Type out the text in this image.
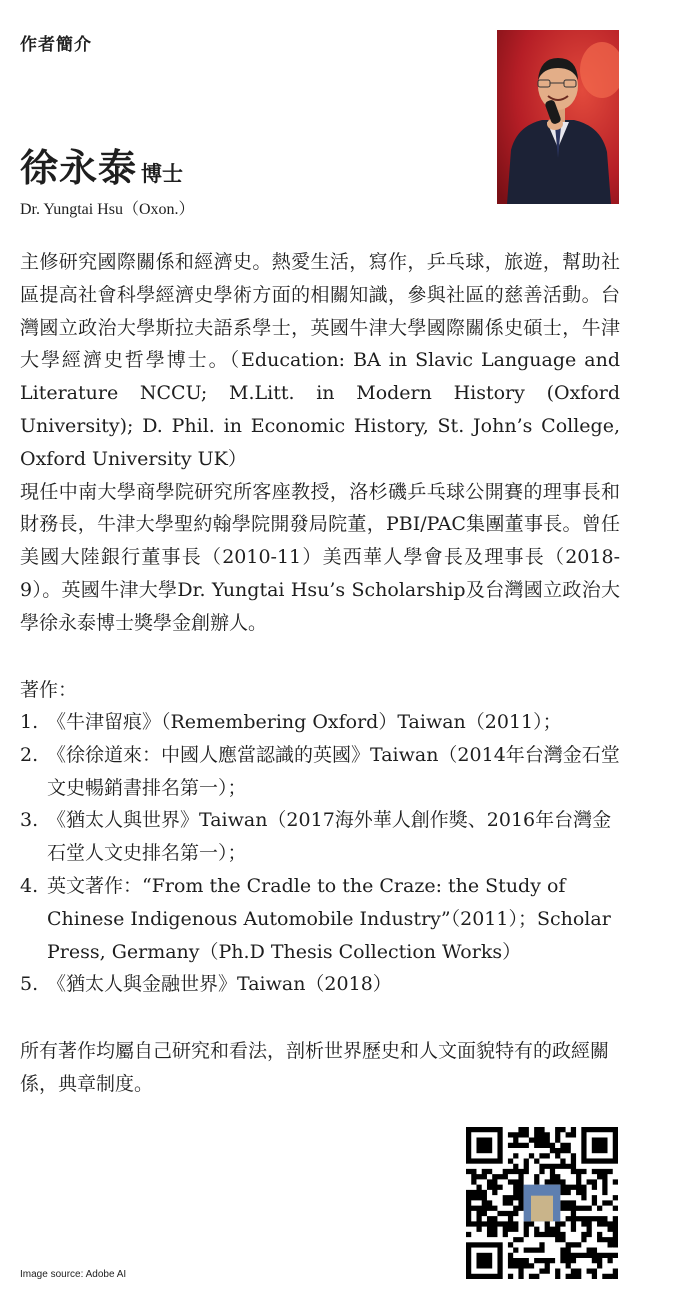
作者簡介
徐永泰 博士
Dr. Yungtai Hsu（Oxon.）

主修研究國際關係和經濟史。熱愛生活，寫作，乒乓球，旅遊，幫助社區提高社會科學經濟史學術方面的相關知識，參與社區的慈善活動。台灣國立政治大學斯拉夫語系學士，英國牛津大學國際關係史碩士，牛津大學經濟史哲學博士。（Education: BA in Slavic Language and Literature NCCU; M.Litt. in Modern History (Oxford University); D. Phil. in Economic History, St. John’s College, Oxford University UK）

現任中南大學商學院研究所客座教授，洛杉磯乒乓球公開賽的理事長和財務長，牛津大學聖約翰學院開發局院董，PBI/PAC集團董事長。曾任美國大陸銀行董事長（2010-11）美西華人學會長及理事長（2018-9）。英國牛津大學Dr. Yungtai Hsu’s Scholarship及台灣國立政治大學徐永泰博士獎學金創辦人。

著作：
1. 《牛津留痕》（Remembering Oxford）Taiwan（2011）；
2. 《徐徐道來：中國人應當認識的英國》Taiwan（2014年台灣金石堂文史暢銷書排名第一）；
3. 《猶太人與世界》Taiwan（2017海外華人創作獎、2016年台灣金石堂人文史排名第一）；
4. 英文著作：“From the Cradle to the Craze: the Study of Chinese Indigenous Automobile Industry”（2011）；Scholar Press, Germany（Ph.D Thesis Collection Works）
5. 《猶太人與金融世界》Taiwan（2018）
所有著作均屬自己研究和看法，剖析世界歷史和人文面貌特有的政經關係，典章制度。
Image source: Adobe AI
